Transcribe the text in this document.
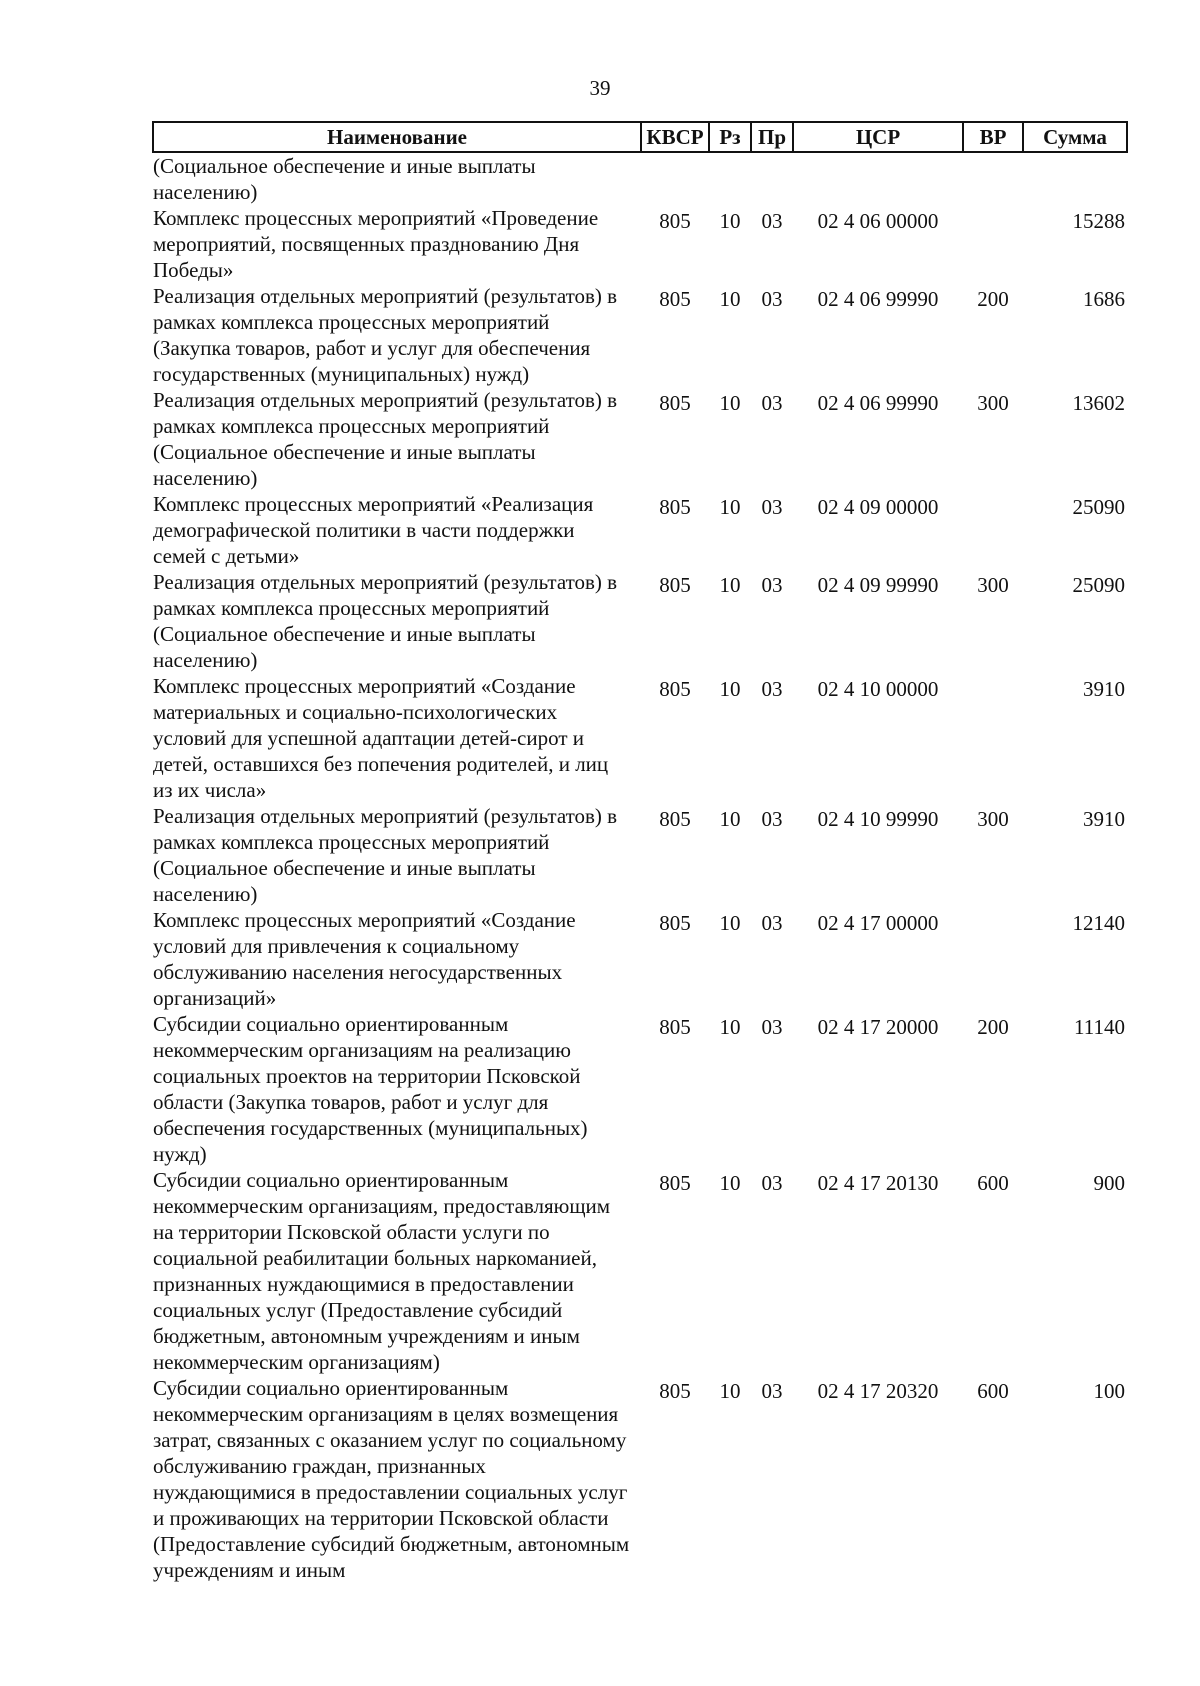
39
Наименование	КВСР	Рз	Пр	ЦСР	ВР	Сумма
(Социальное обеспечение и иные выплаты населению)						
Комплекс процессных мероприятий «Проведение мероприятий, посвященных празднованию Дня Победы»	805	10	03	02 4 06 00000		15288
Реализация отдельных мероприятий (результатов) в рамках комплекса процессных мероприятий (Закупка товаров, работ и услуг для обеспечения государственных (муниципальных) нужд)	805	10	03	02 4 06 99990	200	1686
Реализация отдельных мероприятий (результатов) в рамках комплекса процессных мероприятий (Социальное обеспечение и иные выплаты населению)	805	10	03	02 4 06 99990	300	13602
Комплекс процессных мероприятий «Реализация демографической политики в части поддержки семей с детьми»	805	10	03	02 4 09 00000		25090
Реализация отдельных мероприятий (результатов) в рамках комплекса процессных мероприятий (Социальное обеспечение и иные выплаты населению)	805	10	03	02 4 09 99990	300	25090
Комплекс процессных мероприятий «Создание материальных и социально-психологических условий для успешной адаптации детей-сирот и детей, оставшихся без попечения родителей, и лиц из их числа»	805	10	03	02 4 10 00000		3910
Реализация отдельных мероприятий (результатов) в рамках комплекса процессных мероприятий (Социальное обеспечение и иные выплаты населению)	805	10	03	02 4 10 99990	300	3910
Комплекс процессных мероприятий «Создание условий для привлечения к социальному обслуживанию населения негосударственных организаций»	805	10	03	02 4 17 00000		12140
Субсидии социально ориентированным некоммерческим организациям на реализацию социальных проектов на территории Псковской области (Закупка товаров, работ и услуг для обеспечения государственных (муниципальных) нужд)	805	10	03	02 4 17 20000	200	11140
Субсидии социально ориентированным некоммерческим организациям, предоставляющим на территории Псковской области услуги по социальной реабилитации больных наркоманией, признанных нуждающимися в предоставлении социальных услуг (Предоставление субсидий бюджетным, автономным учреждениям и иным некоммерческим организациям)	805	10	03	02 4 17 20130	600	900
Субсидии социально ориентированным некоммерческим организациям в целях возмещения затрат, связанных с оказанием услуг по социальному обслуживанию граждан, признанных нуждающимися в предоставлении социальных услуг и проживающих на территории Псковской области (Предоставление субсидий бюджетным, автономным учреждениям и иным	805	10	03	02 4 17 20320	600	100
